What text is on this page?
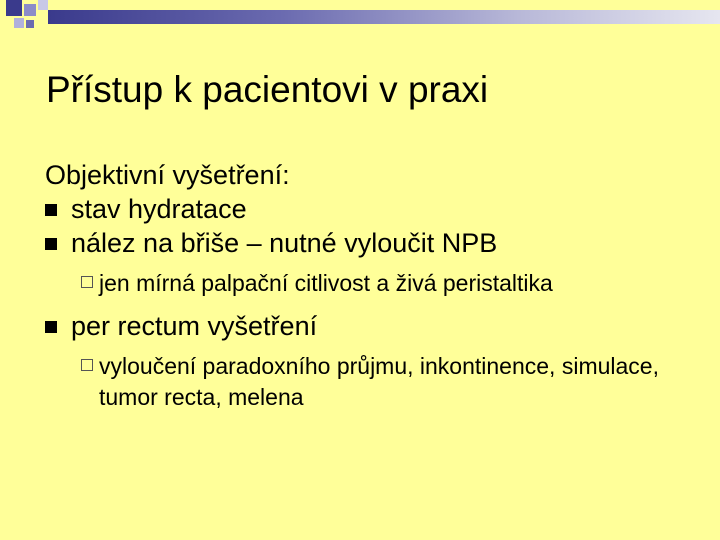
Přístup k pacientovi v praxi
Objektivní vyšetření:
stav hydratace
nález na břiše – nutné vyloučit NPB
jen mírná palpační citlivost a živá peristaltika
per rectum vyšetření
vyloučení paradoxního průjmu, inkontinence, simulace, tumor recta, melena
